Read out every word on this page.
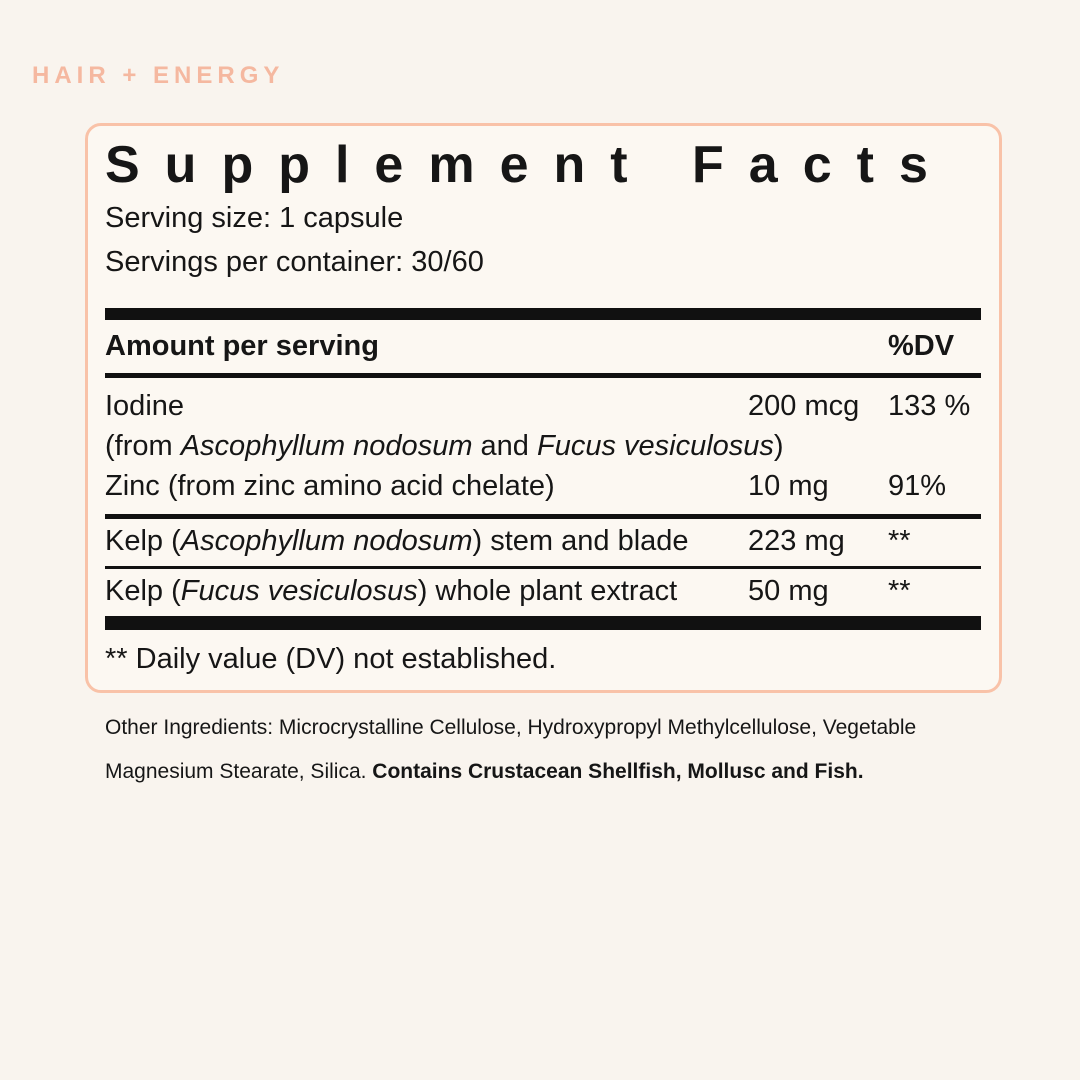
HAIR + ENERGY
Supplement Facts
Serving size: 1 capsule
Servings per container: 30/60
Amount per serving	%DV
Iodine	200 mcg 133 %
(from Ascophyllum nodosum and Fucus vesiculosus)
Zinc (from zinc amino acid chelate)	10 mg	91%
Kelp (Ascophyllum nodosum) stem and blade	223 mg	**
Kelp (Fucus vesiculosus) whole plant extract	50 mg	**
** Daily value (DV) not established.

Other Ingredients: Microcrystalline Cellulose, Hydroxypropyl Methylcellulose, Vegetable Magnesium Stearate, Silica. Contains Crustacean Shellfish, Mollusc and Fish.
